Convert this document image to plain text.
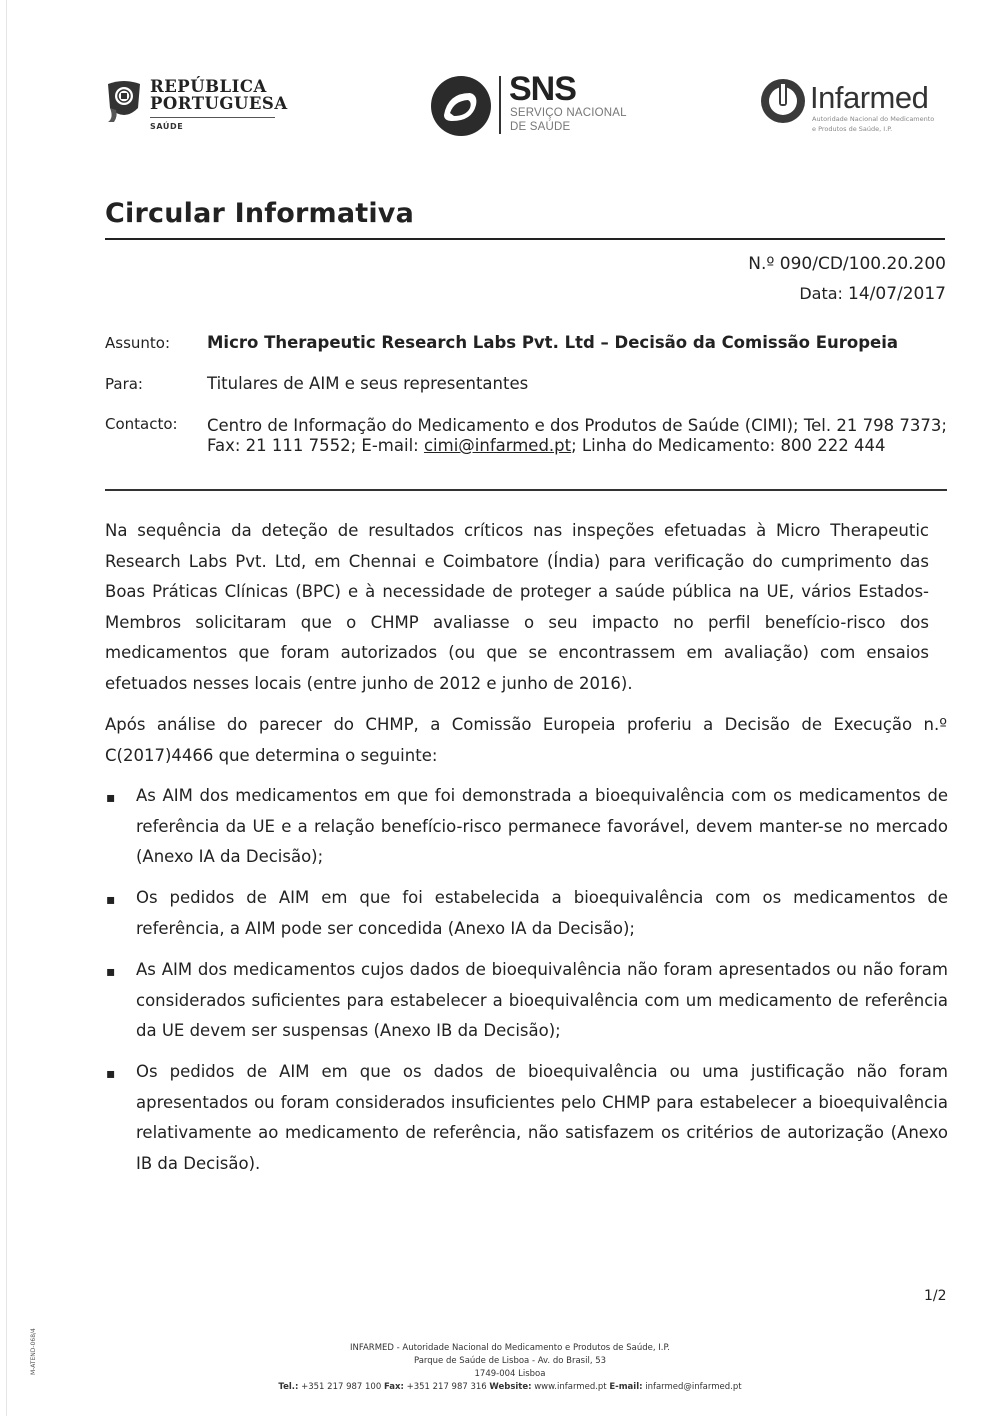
REPÚBLICA
PORTUGUESA
SAÚDE
SNS
SERVIÇO NACIONAL
DE SAÚDE
Infarmed
Autoridade Nacional do Medicamento
e Produtos de Saúde, I.P.
Circular Informativa
N.º 090/CD/100.20.200
Data: 14/07/2017
Assunto: Micro Therapeutic Research Labs Pvt. Ltd – Decisão da Comissão Europeia
Para:	Titulares de AIM e seus representantes
Contacto: Centro de Informação do Medicamento e dos Produtos de Saúde (CIMI); Tel. 21 798 7373; Fax: 21 111 7552; E-mail: cimi@infarmed.pt; Linha do Medicamento: 800 222 444
Na sequência da deteção de resultados críticos nas inspeções efetuadas à Micro Therapeutic Research Labs Pvt. Ltd, em Chennai e Coimbatore (Índia) para verificação do cumprimento das Boas Práticas Clínicas (BPC) e à necessidade de proteger a saúde pública na UE, vários Estados-Membros solicitaram que o CHMP avaliasse o seu impacto no perfil benefício-risco dos medicamentos que foram autorizados (ou que se encontrassem em avaliação) com ensaios efetuados nesses locais (entre junho de 2012 e junho de 2016).
Após análise do parecer do CHMP, a Comissão Europeia proferiu a Decisão de Execução n.º C(2017)4466 que determina o seguinte:
▪ As AIM dos medicamentos em que foi demonstrada a bioequivalência com os medicamentos de referência da UE e a relação benefício-risco permanece favorável, devem manter-se no mercado (Anexo IA da Decisão);
▪ Os pedidos de AIM em que foi estabelecida a bioequivalência com os medicamentos de referência, a AIM pode ser concedida (Anexo IA da Decisão);
▪ As AIM dos medicamentos cujos dados de bioequivalência não foram apresentados ou não foram considerados suficientes para estabelecer a bioequivalência com um medicamento de referência da UE devem ser suspensas (Anexo IB da Decisão);
▪ Os pedidos de AIM em que os dados de bioequivalência ou uma justificação não foram apresentados ou foram considerados insuficientes pelo CHMP para estabelecer a bioequivalência relativamente ao medicamento de referência, não satisfazem os critérios de autorização (Anexo IB da Decisão).
1/2
M-ATEND-068/4	INFARMED - Autoridade Nacional do Medicamento e Produtos de Saúde, I.P.
Parque de Saúde de Lisboa - Av. do Brasil, 53
1749-004 Lisboa
Tel.: +351 217 987 100 Fax: +351 217 987 316 Website: www.infarmed.pt E-mail: infarmed@infarmed.pt
